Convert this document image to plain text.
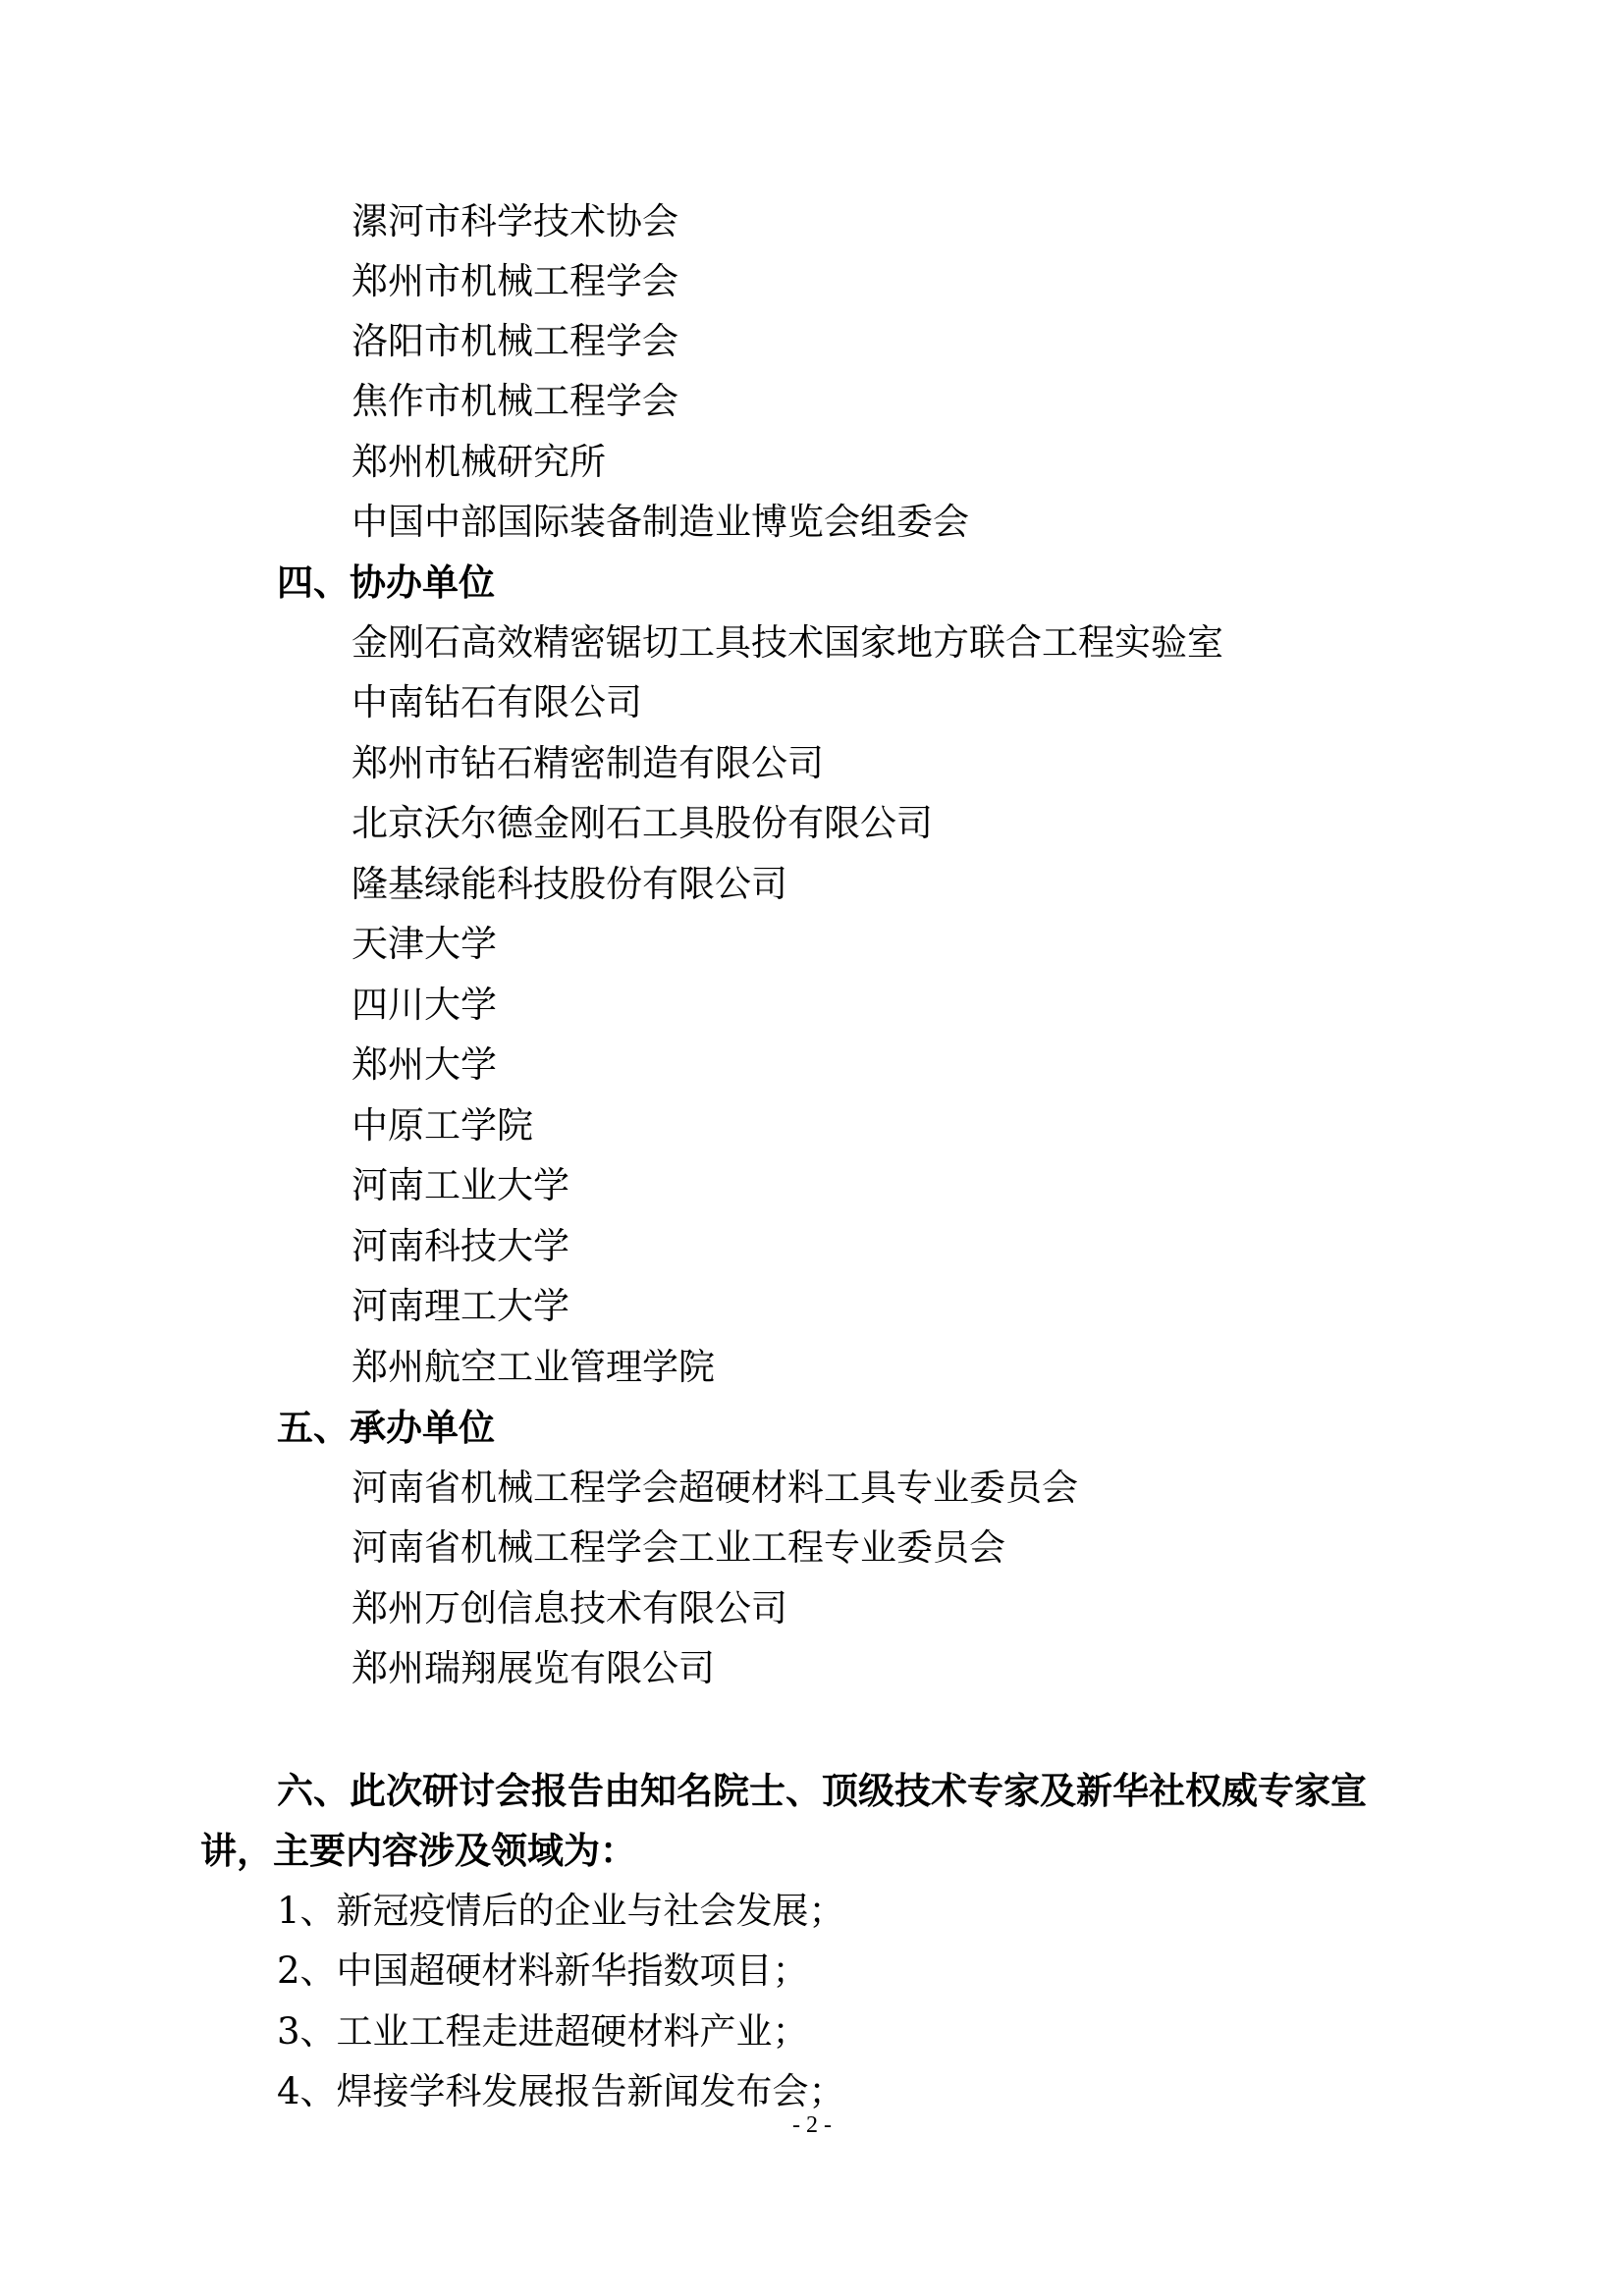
漯河市科学技术协会
郑州市机械工程学会
洛阳市机械工程学会
焦作市机械工程学会
郑州机械研究所
中国中部国际装备制造业博览会组委会
四、协办单位
金刚石高效精密锯切工具技术国家地方联合工程实验室
中南钻石有限公司
郑州市钻石精密制造有限公司
北京沃尔德金刚石工具股份有限公司
隆基绿能科技股份有限公司
天津大学
四川大学
郑州大学
中原工学院
河南工业大学
河南科技大学
河南理工大学
郑州航空工业管理学院
五、承办单位
河南省机械工程学会超硬材料工具专业委员会
河南省机械工程学会工业工程专业委员会
郑州万创信息技术有限公司
郑州瑞翔展览有限公司
六、此次研讨会报告由知名院士、顶级技术专家及新华社权威专家宣
讲，主要内容涉及领域为：
1、新冠疫情后的企业与社会发展；
2、中国超硬材料新华指数项目；
3、工业工程走进超硬材料产业；
4、焊接学科发展报告新闻发布会；
- 2 -
